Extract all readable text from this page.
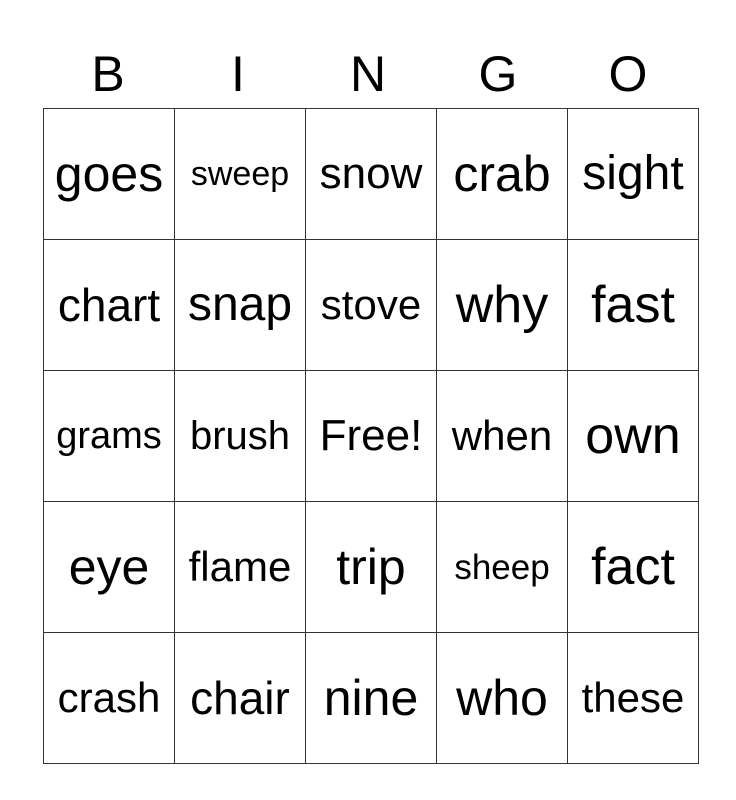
B	I	N	G	O
goes	sweep	snow	crab	sight
chart	snap	stove	why	fast
grams	brush	Free!	when	own
eye	flame	trip	sheep	fact
crash	chair	nine	who	these
